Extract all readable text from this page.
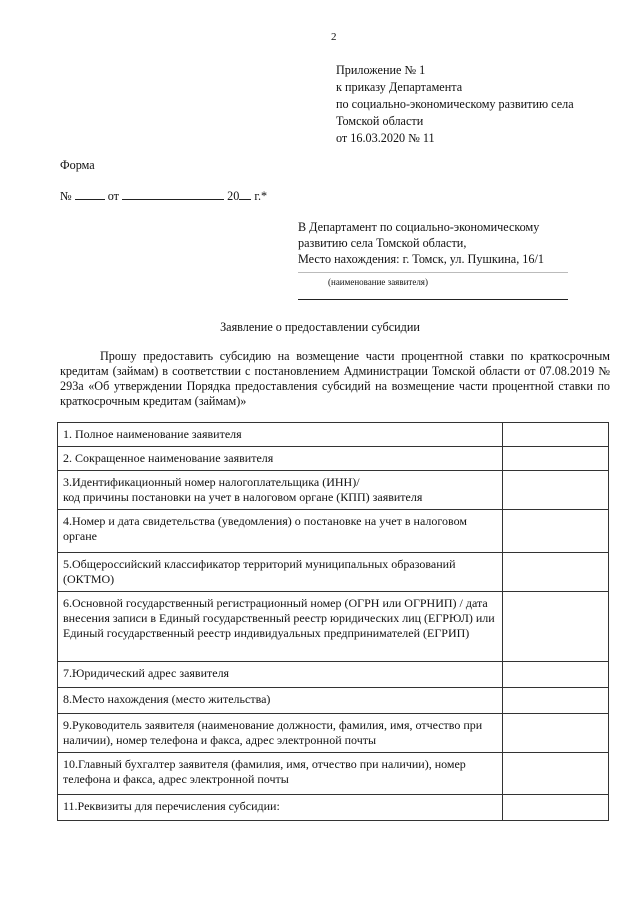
2
Приложение № 1
к приказу Департамента
по социально-экономическому развитию села
Томской области
от 16.03.2020 № 11
Форма
№	от	20 г.*
В Департамент по социально-экономическому
развитию села Томской области,
Место нахождения: г. Томск, ул. Пушкина, 16/1
(наименование заявителя)
Заявление о предоставлении субсидии
Прошу предоставить субсидию на возмещение части процентной ставки по краткосрочным кредитам (займам) в соответствии с постановлением Администрации Томской области от 07.08.2019 № 293а «Об утверждении Порядка предоставления субсидий на возмещение части процентной ставки по краткосрочным кредитам (займам)»
1. Полное наименование заявителя	
2. Сокращенное наименование заявителя	
3.Идентификационный номер налогоплательщика (ИНН)/
код причины постановки на учет в налоговом органе (КПП) заявителя	
4.Номер и дата свидетельства (уведомления) о постановке на учет в налоговом органе	
5.Общероссийский классификатор территорий муниципальных образований (ОКТМО)	
6.Основной государственный регистрационный номер (ОГРН или ОГРНИП) / дата внесения записи в Единый государственный реестр юридических лиц (ЕГРЮЛ) или Единый государственный реестр индивидуальных предпринимателей (ЕГРИП)	
7.Юридический адрес заявителя	
8.Место нахождения (место жительства)	
9.Руководитель заявителя (наименование должности, фамилия, имя, отчество при наличии), номер телефона и факса, адрес электронной почты	
10.Главный бухгалтер заявителя (фамилия, имя, отчество при наличии), номер телефона и факса, адрес электронной почты	
11.Реквизиты для перечисления субсидии:	
